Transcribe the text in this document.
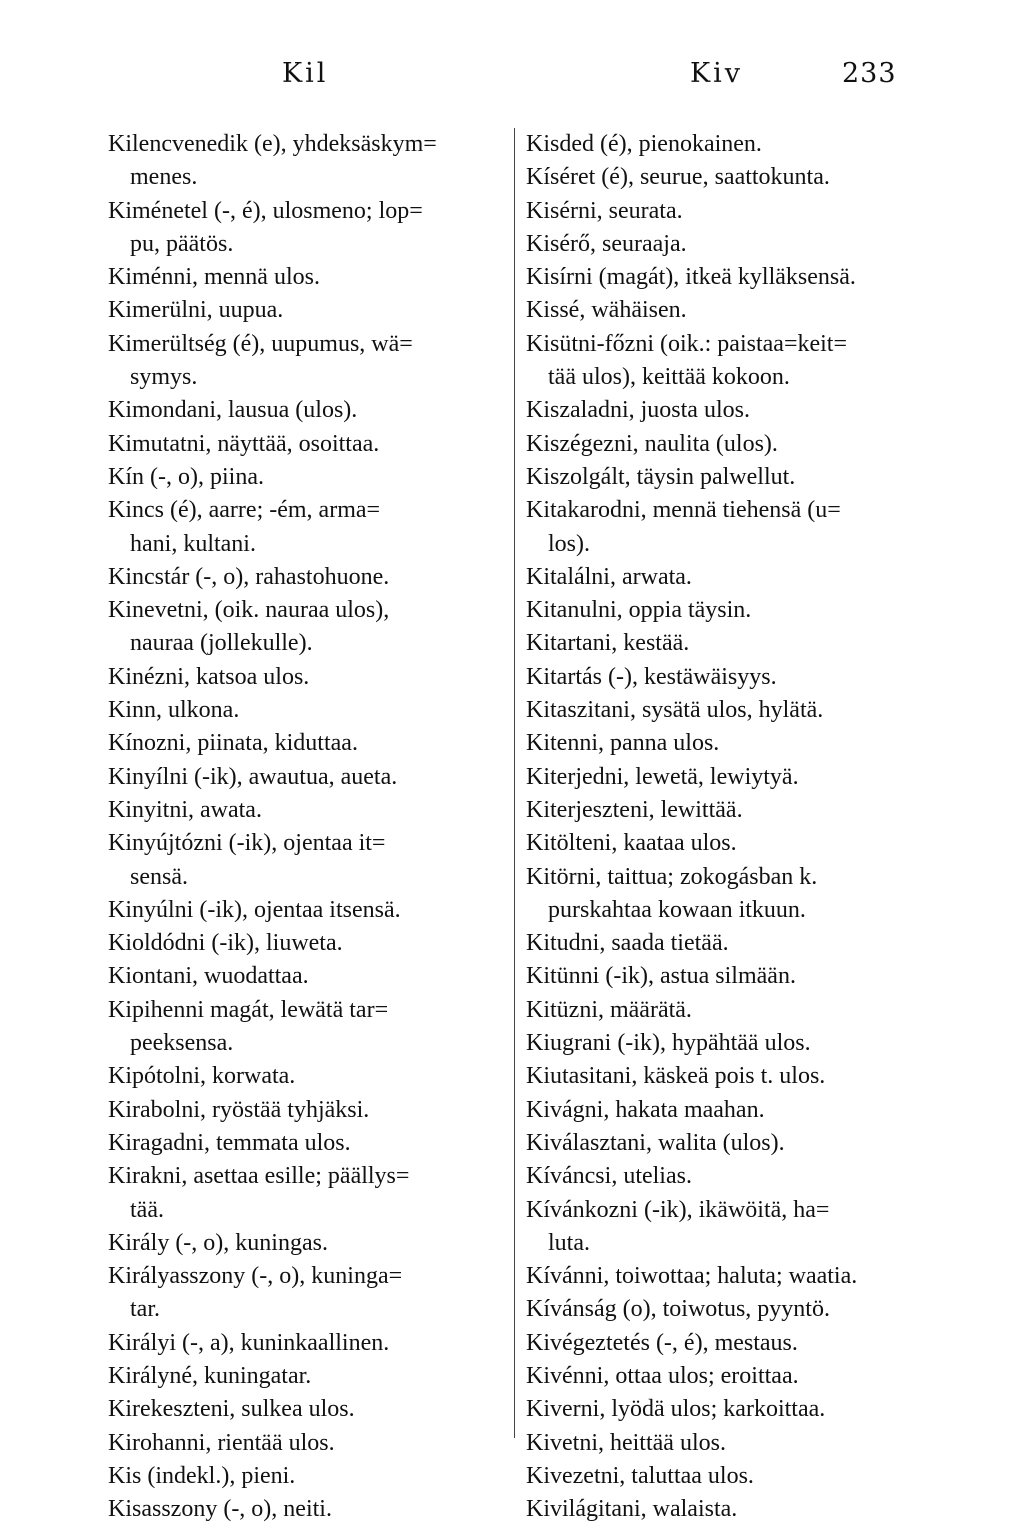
Kil	Kiv	233
Kilencvenedik (e), yhdeksäskym=
menes.
Kiménetel (-, é), ulosmeno; lop=
pu, päätös.
Kiménni, mennä ulos.
Kimerülni, uupua.
Kimerültség (é), uupumus, wä=
symys.
Kimondani, lausua (ulos).
Kimutatni, näyttää, osoittaa.
Kín (-, o), piina.
Kincs (é), aarre; -ém, arma=
hani, kultani.
Kincstár (-, o), rahastohuone.
Kinevetni, (oik. nauraa ulos),
nauraa (jollekulle).
Kinézni, katsoa ulos.
Kinn, ulkona.
Kínozni, piinata, kiduttaa.
Kinyílni (-ik), awautua, aueta.
Kinyitni, awata.
Kinyújtózni (-ik), ojentaa it=
sensä.
Kinyúlni (-ik), ojentaa itsensä.
Kioldódni (-ik), liuweta.
Kiontani, wuodattaa.
Kipihenni magát, lewätä tar=
peeksensa.
Kipótolni, korwata.
Kirabolni, ryöstää tyhjäksi.
Kiragadni, temmata ulos.
Kirakni, asettaa esille; päällys=
tää.
Király (-, o), kuningas.
Királyasszony (-, o), kuninga=
tar.
Királyi (-, a), kuninkaallinen.
Királyné, kuningatar.
Kirekeszteni, sulkea ulos.
Kirohanni, rientää ulos.
Kis (indekl.), pieni.
Kisasszony (-, o), neiti.
Kisded (é), pienokainen.
Kíséret (é), seurue, saattokunta.
Kisérni, seurata.
Kisérő, seuraaja.
Kisírni (magát), itkeä kylläksensä.
Kissé, wähäisen.
Kisütni-főzni (oik.: paistaa=keit=
tää ulos), keittää kokoon.
Kiszaladni, juosta ulos.
Kiszégezni, naulita (ulos).
Kiszolgált, täysin palwellut.
Kitakarodni, mennä tiehensä (u=
los).
Kitalálni, arwata.
Kitanulni, oppia täysin.
Kitartani, kestää.
Kitartás (-), kestäwäisyys.
Kitaszitani, sysätä ulos, hylätä.
Kitenni, panna ulos.
Kiterjedni, lewetä, lewiytyä.
Kiterjeszteni, lewittää.
Kitölteni, kaataa ulos.
Kitörni, taittua; zokogásban k.
purskahtaa kowaan itkuun.
Kitudni, saada tietää.
Kitünni (-ik), astua silmään.
Kitüzni, määrätä.
Kiugrani (-ik), hypähtää ulos.
Kiutasitani, käskeä pois t. ulos.
Kivágni, hakata maahan.
Kiválasztani, walita (ulos).
Kíváncsi, utelias.
Kívánkozni (-ik), ikäwöitä, ha=
luta.
Kívánni, toiwottaa; haluta; waatia.
Kívánság (o), toiwotus, pyyntö.
Kivégeztetés (-, é), mestaus.
Kivénni, ottaa ulos; eroittaa.
Kiverni, lyödä ulos; karkoittaa.
Kivetni, heittää ulos.
Kivezetni, taluttaa ulos.
Kivilágitani, walaista.
